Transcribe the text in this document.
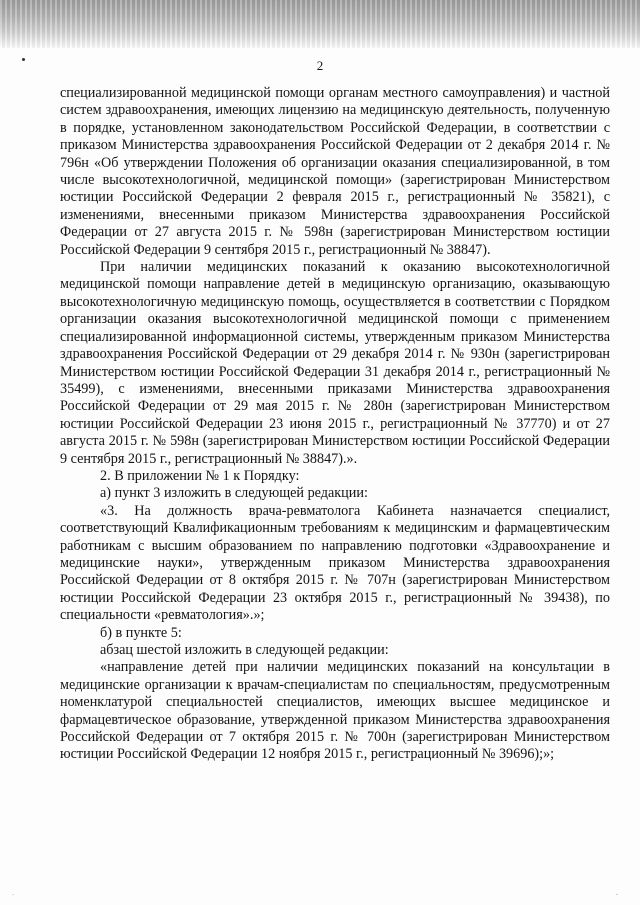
2

специализированной медицинской помощи органам местного самоуправления) и частной систем здравоохранения, имеющих лицензию на медицинскую деятельность, полученную в порядке, установленном законодательством Российской Федерации, в соответствии с приказом Министерства здравоохранения Российской Федерации от 2 декабря 2014 г. № 796н «Об утверждении Положения об организации оказания специализированной, в том числе высокотехнологичной, медицинской помощи» (зарегистрирован Министерством юстиции Российской Федерации 2 февраля 2015 г., регистрационный № 35821), с изменениями, внесенными приказом Министерства здравоохранения Российской Федерации от 27 августа 2015 г. № 598н (зарегистрирован Министерством юстиции Российской Федерации 9 сентября 2015 г., регистрационный № 38847).

При наличии медицинских показаний к оказанию высокотехнологичной медицинской помощи направление детей в медицинскую организацию, оказывающую высокотехнологичную медицинскую помощь, осуществляется в соответствии с Порядком организации оказания высокотехнологичной медицинской помощи с применением специализированной информационной системы, утвержденным приказом Министерства здравоохранения Российской Федерации от 29 декабря 2014 г. № 930н (зарегистрирован Министерством юстиции Российской Федерации 31 декабря 2014 г., регистрационный № 35499), с изменениями, внесенными приказами Министерства здравоохранения Российской Федерации от 29 мая 2015 г. № 280н (зарегистрирован Министерством юстиции Российской Федерации 23 июня 2015 г., регистрационный № 37770) и от 27 августа 2015 г. № 598н (зарегистрирован Министерством юстиции Российской Федерации 9 сентября 2015 г., регистрационный № 38847).».

2. В приложении № 1 к Порядку:

а) пункт 3 изложить в следующей редакции:

«3. На должность врача-ревматолога Кабинета назначается специалист, соответствующий Квалификационным требованиям к медицинским и фармацевтическим работникам с высшим образованием по направлению подготовки «Здравоохранение и медицинские науки», утвержденным приказом Министерства здравоохранения Российской Федерации от 8 октября 2015 г. № 707н (зарегистрирован Министерством юстиции Российской Федерации 23 октября 2015 г., регистрационный № 39438), по специальности «ревматология».»;

б) в пункте 5:

абзац шестой изложить в следующей редакции:

«направление детей при наличии медицинских показаний на консультации в медицинские организации к врачам-специалистам по специальностям, предусмотренным номенклатурой специальностей специалистов, имеющих высшее медицинское и фармацевтическое образование, утвержденной приказом Министерства здравоохранения Российской Федерации от 7 октября 2015 г. № 700н (зарегистрирован Министерством юстиции Российской Федерации 12 ноября 2015 г., регистрационный № 39696);»;

·	·
